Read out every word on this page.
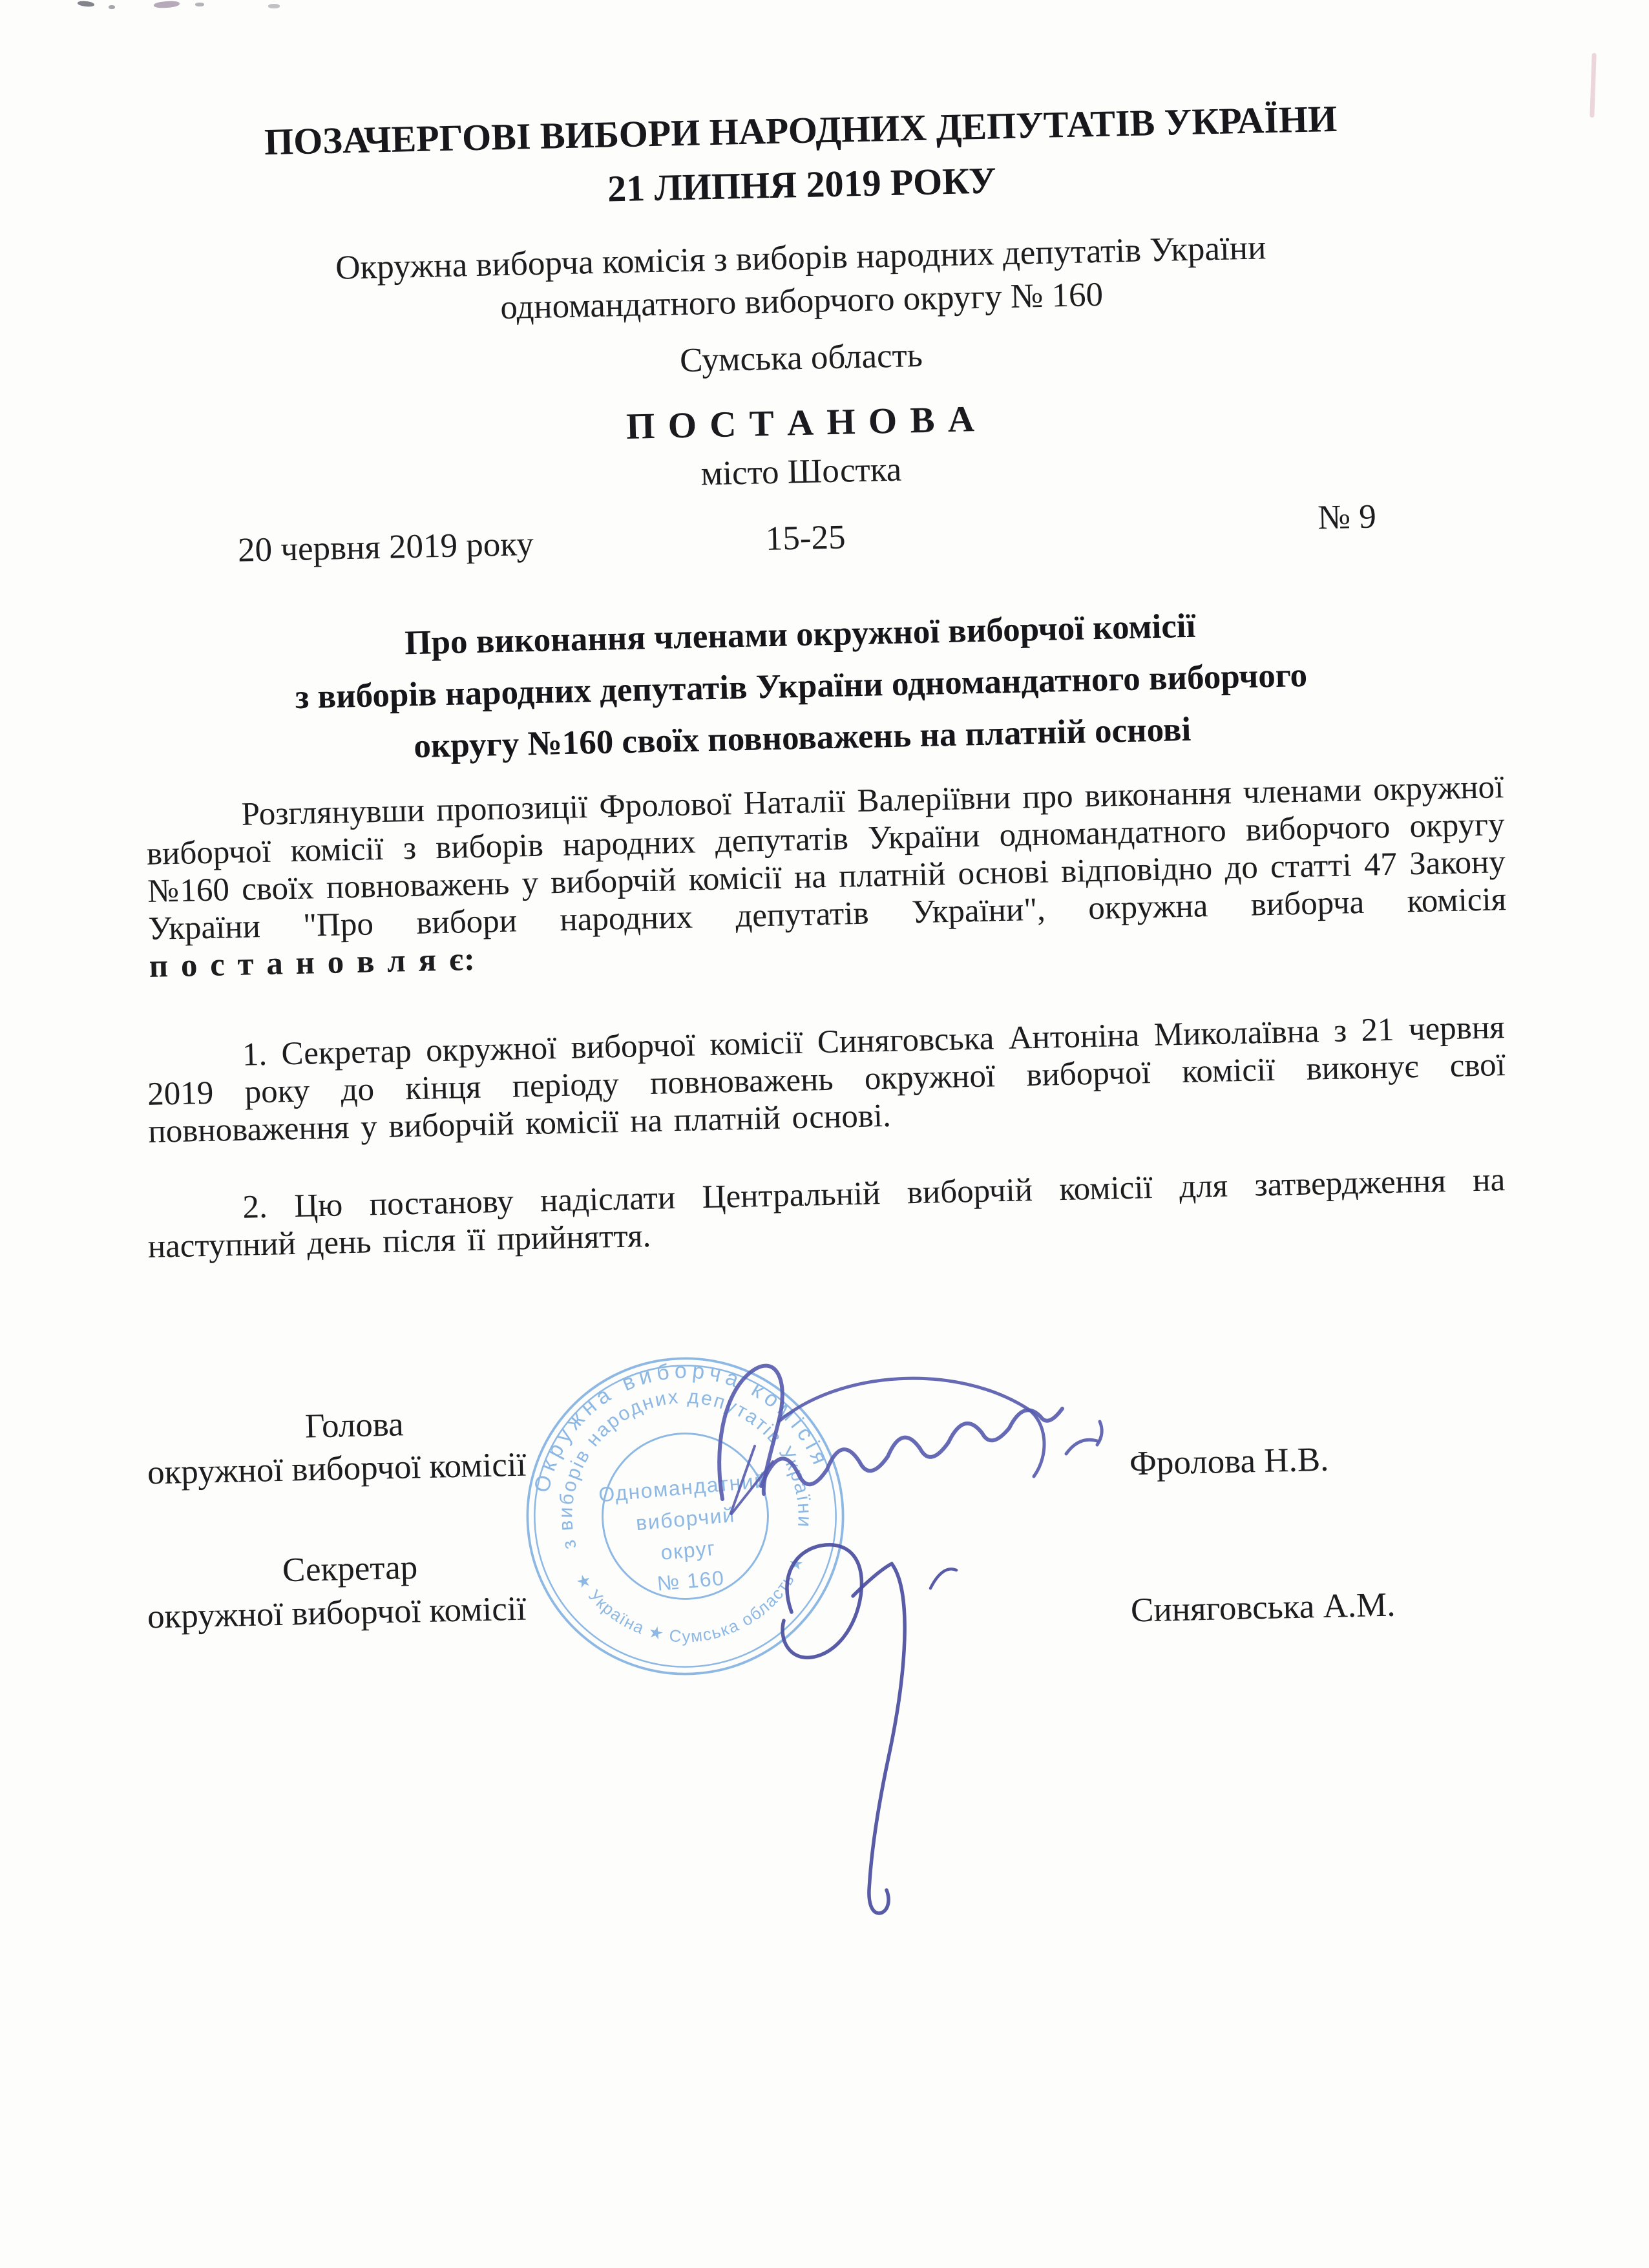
ПОЗАЧЕРГОВІ ВИБОРИ НАРОДНИХ ДЕПУТАТІВ УКРАЇНИ
21 ЛИПНЯ 2019 РОКУ
Окружна виборча комісія з виборів народних депутатів України
одномандатного виборчого округу № 160
Сумська область
П О С Т А Н О В А
місто Шостка
20 червня 2019 року	15-25
№ 9
Про виконання членами окружної виборчої комісії
з виборів народних депутатів України одномандатного виборчого
округу №160 своїх повноважень на платній основі

Розглянувши пропозиції Фролової Наталії Валеріївни про виконання членами окружної виборчої комісії з виборів народних депутатів України одномандатного виборчого округу №160 своїх повноважень у виборчій комісії на платній основі відповідно до статті 47 Закону України "Про вибори народних депутатів України", окружна виборча комісія п о с т а н о в л я є:

1. Секретар окружної виборчої комісії Синяговська Антоніна Миколаївна з 21 червня 2019 року до кінця періоду повноважень окружної виборчої комісії виконує свої повноваження у виборчій комісії на платній основі.

2. Цю постанову надіслати Центральній виборчій комісії для затвердження на наступний день після її прийняття.

Голова
окружної виборчої комісії	Фролова Н.В.
Секретар
окружної виборчої комісії	Синяговська А.М.
Окружна виборча комісія
з виборів народних депутатів України
★ Україна ★ Сумська область ★
Одномандатний
виборчий
округ
№ 160
